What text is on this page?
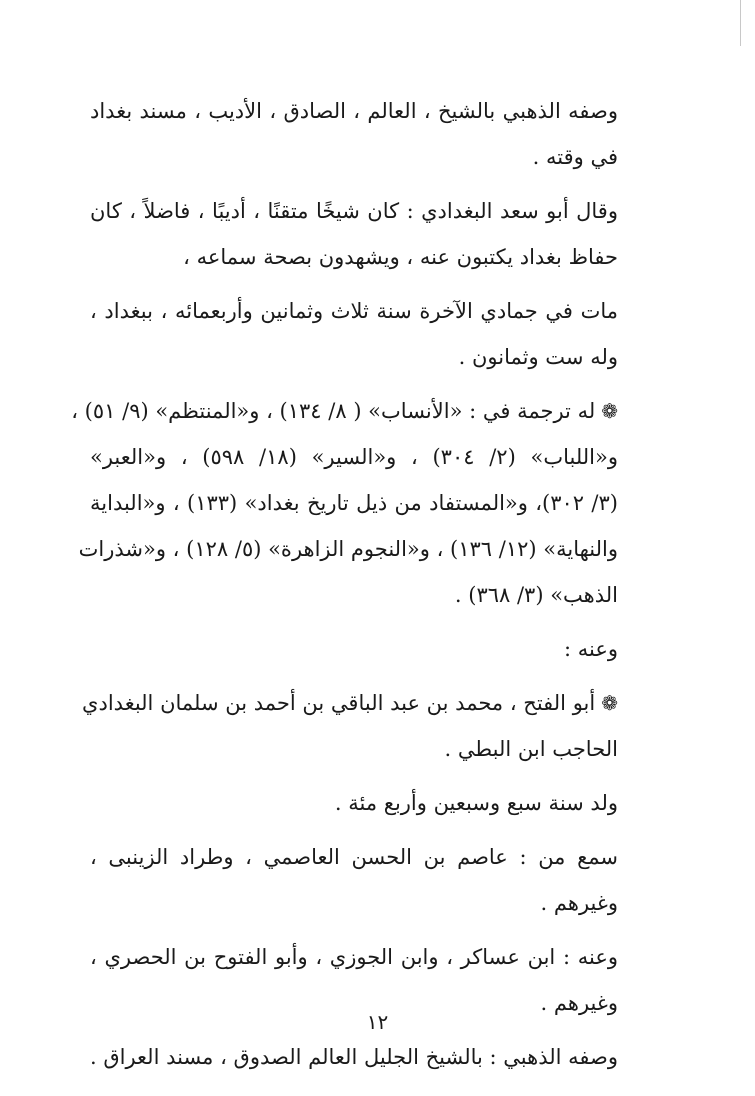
وصفه الذهبي بالشيخ ، العالم ، الصادق ، الأديب ، مسند بغداد
في وقته .

وقال أبو سعد البغدادي : كان شيخًا متقنًا ، أديبًا ، فاضلاً ، كان
حفاظ بغداد يكتبون عنه ، ويشهدون بصحة سماعه ،

مات في جمادي الآخرة سنة ثلاث وثمانين وأربعمائه ، ببغداد ،
وله ست وثمانون .

❁له ترجمة في : «الأنساب» ( ٨/ ١٣٤) ، و«المنتظم» (٩/ ٥١) ،
و«اللباب» (٢/ ٣٠٤) ، و«السير» (١٨/ ٥٩٨) ، و«العبر»
(٣/ ٣٠٢)، و«المستفاد من ذيل تاريخ بغداد» (١٣٣) ، و«البداية
والنهاية» (١٢/ ١٣٦) ، و«النجوم الزاهرة» (٥/ ١٢٨) ، و«شذرات
الذهب» (٣/ ٣٦٨) .

وعنه :

❁أبو الفتح ، محمد بن عبد الباقي بن أحمد بن سلمان البغدادي
الحاجب ابن البطي .

ولد سنة سبع وسبعين وأربع مئة .

سمع من : عاصم بن الحسن العاصمي ، وطراد الزينبى ،
وغيرهم .

وعنه : ابن عساكر ، وابن الجوزي ، وأبو الفتوح بن الحصري ،
وغيرهم .

وصفه الذهبي : بالشيخ الجليل العالم الصدوق ، مسند العراق .

١٢
